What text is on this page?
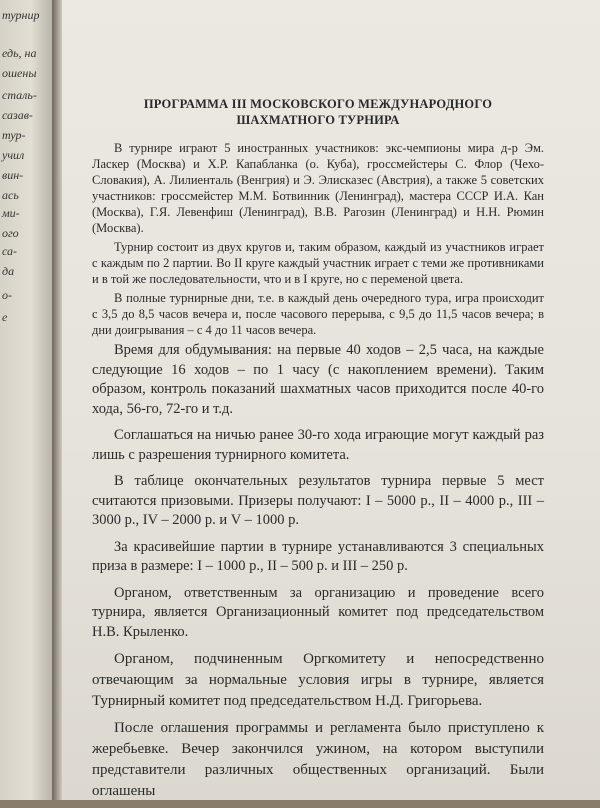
турнир
едь, на
ошены
сталь-
сазав-
тур-
учил
вин-
ась
ми-
ого
са-
да
о-
е
ПРОГРАММА III МОСКОВСКОГО МЕЖДУНАРОДНОГО
ШАХМАТНОГО ТУРНИРА

В турнире играют 5 иностранных участников: экс-чемпионы мира д-р Эм. Ласкер (Москва) и Х.Р. Капабланка (о. Куба), гроссмейстеры С. Флор (Чехо-Словакия), А. Лилиенталь (Венгрия) и Э. Элисказес (Австрия), а также 5 советских участников: гроссмейстер М.М. Ботвинник (Ленинград), мастера СССР И.А. Кан (Москва), Г.Я. Левенфиш (Ленинград), В.В. Рагозин (Ленинград) и Н.Н. Рюмин (Москва).

Турнир состоит из двух кругов и, таким образом, каждый из участников играет с каждым по 2 партии. Во II круге каждый участник играет с теми же противниками и в той же последовательности, что и в I круге, но с переменой цвета.

В полные турнирные дни, т.е. в каждый день очередного тура, игра происходит с 3,5 до 8,5 часов вечера и, после часового перерыва, с 9,5 до 11,5 часов вечера; в дни доигрывания – с 4 до 11 часов вечера.

Время для обдумывания: на первые 40 ходов – 2,5 часа, на каждые следующие 16 ходов – по 1 часу (с накоплением времени). Таким образом, контроль показаний шахматных часов приходится после 40-го хода, 56-го, 72-го и т.д.

Соглашаться на ничью ранее 30-го хода играющие могут каждый раз лишь с разрешения турнирного комитета.

В таблице окончательных результатов турнира первые 5 мест считаются призовыми. Призеры получают: I – 5000 р., II – 4000 р., III – 3000 р., IV – 2000 р. и V – 1000 р.

За красивейшие партии в турнире устанавливаются 3 специальных приза в размере: I – 1000 р., II – 500 р. и III – 250 р.

Органом, ответственным за организацию и проведение всего турнира, является Организационный комитет под председательством Н.В. Крыленко.

Органом, подчиненным Оргкомитету и непосредственно отвечающим за нормальные условия игры в турнире, является Турнирный комитет под председательством Н.Д. Григорьева.

После оглашения программы и регламента было приступлено к жеребьевке. Вечер закончился ужином, на котором выступили представители различных общественных организаций. Были оглашены
